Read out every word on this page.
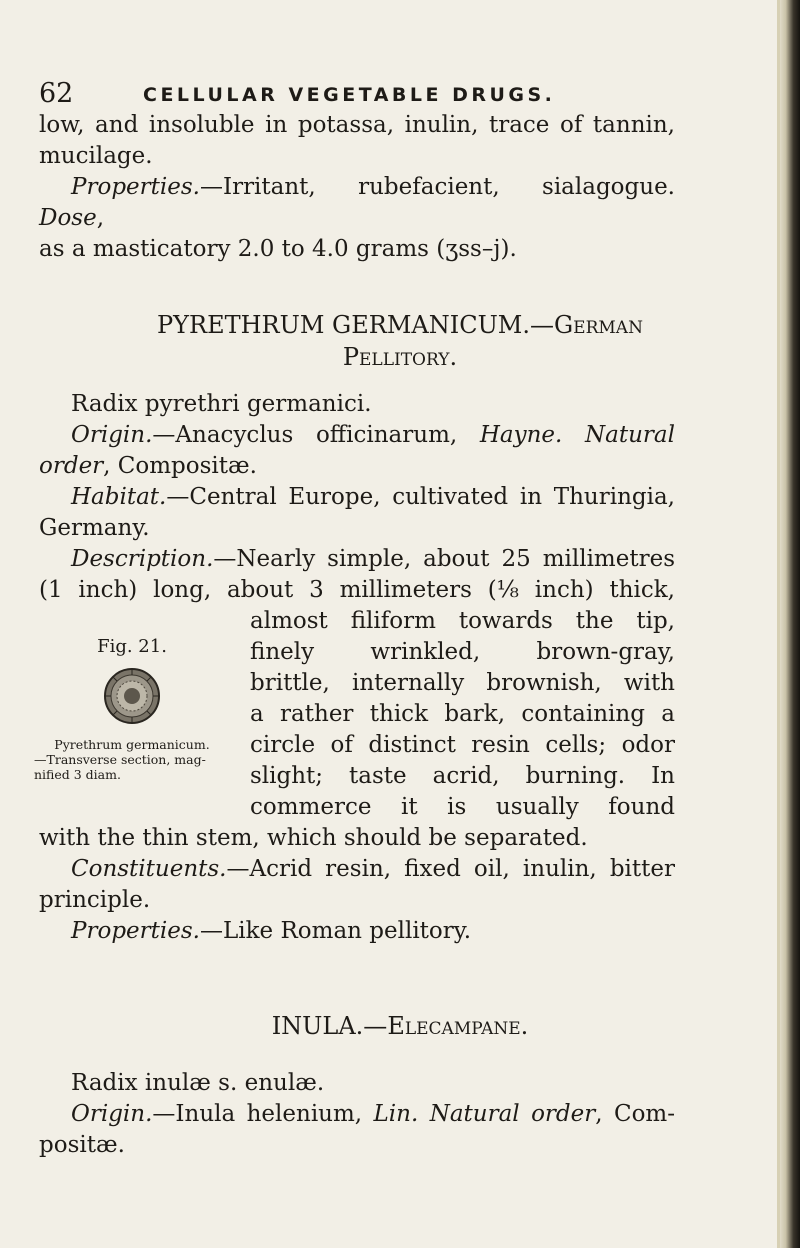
62	CELLULAR VEGETABLE DRUGS.

low, and insoluble in potassa, inulin, trace of tannin,

mucilage.

Properties.—Irritant, rubefacient, sialagogue. Dose,

as a masticatory 2.0 to 4.0 grams (ʒss–j).

PYRETHRUM GERMANICUM.—German
Pellitory.

Radix pyrethri germanici.

Origin.—Anacyclus officinarum, Hayne. Natural

order, Compositæ.

Habitat.—Central Europe, cultivated in Thuringia,

Germany.

Description.—Nearly simple, about 25 millimetres

(1 inch) long, about 3 millimeters (⅛ inch) thick,

almost filiform towards the tip,

finely wrinkled, brown-gray,

brittle, internally brownish, with

a rather thick bark, containing a

circle of distinct resin cells; odor

slight; taste acrid, burning. In

commerce it is usually found

Fig. 21.
Pyrethrum germanicum.
—Transverse section, mag-
nified 3 diam.

with the thin stem, which should be separated.

Constituents.—Acrid resin, fixed oil, inulin, bitter

principle.

Properties.—Like Roman pellitory.

INULA.—Elecampane.

Radix inulæ s. enulæ.

Origin.—Inula helenium, Lin. Natural order, Com-

positæ.
